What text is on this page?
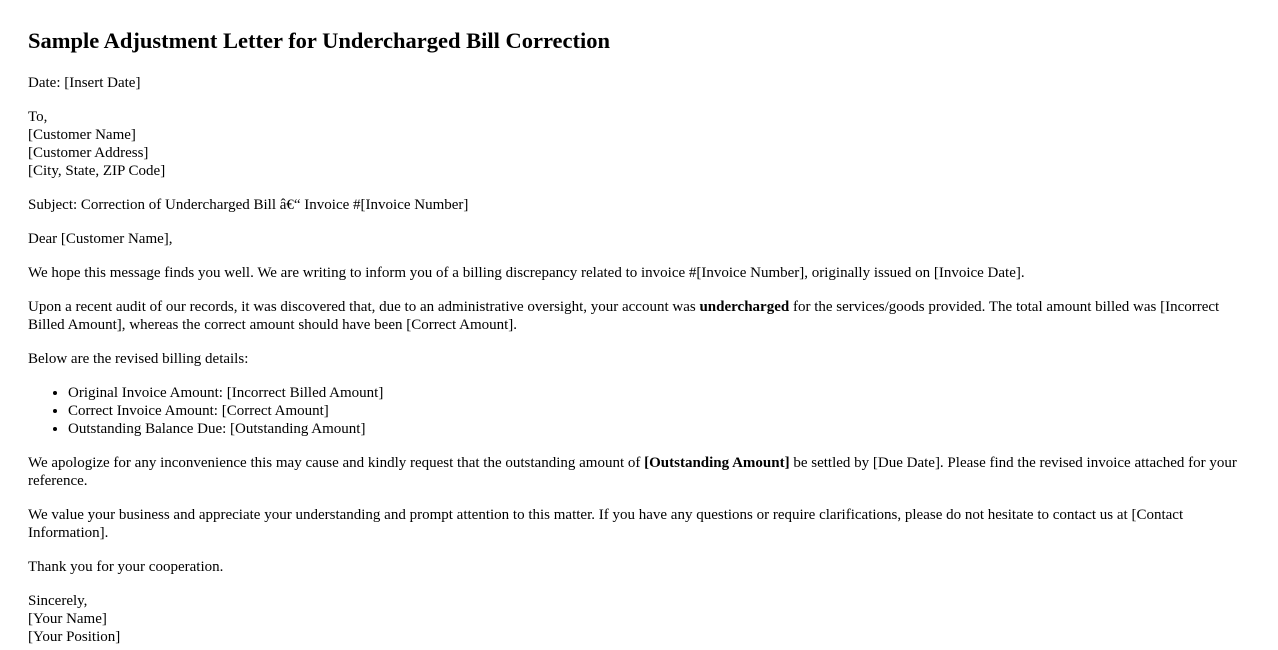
Sample Adjustment Letter for Undercharged Bill Correction

Date: [Insert Date]

To,
[Customer Name]
[Customer Address]
[City, State, ZIP Code]

Subject: Correction of Undercharged Bill â€“ Invoice #[Invoice Number]

Dear [Customer Name],

We hope this message finds you well. We are writing to inform you of a billing discrepancy related to invoice #[Invoice Number], originally issued on [Invoice Date].

Upon a recent audit of our records, it was discovered that, due to an administrative oversight, your account was undercharged for the services/goods provided. The total amount billed was [Incorrect Billed Amount], whereas the correct amount should have been [Correct Amount].

Below are the revised billing details:

• Original Invoice Amount: [Incorrect Billed Amount]
• Correct Invoice Amount: [Correct Amount]
• Outstanding Balance Due: [Outstanding Amount]

We apologize for any inconvenience this may cause and kindly request that the outstanding amount of [Outstanding Amount] be settled by [Due Date]. Please find the revised invoice attached for your reference.

We value your business and appreciate your understanding and prompt attention to this matter. If you have any questions or require clarifications, please do not hesitate to contact us at [Contact Information].

Thank you for your cooperation.

Sincerely,
[Your Name]
[Your Position]
